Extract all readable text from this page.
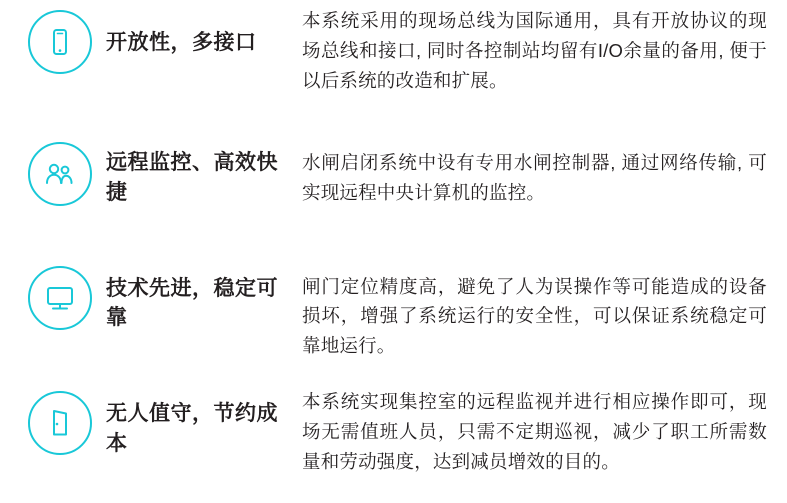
开放性，多接口
本系统采用的现场总线为国际通用，具有开放协议的现场总线和接口, 同时各控制站均留有I/O余量的备用, 便于以后系统的改造和扩展。
远程监控、高效快捷
水闸启闭系统中设有专用水闸控制器, 通过网络传输, 可实现远程中央计算机的监控。
技术先进，稳定可靠
闸门定位精度高，避免了人为误操作等可能造成的设备损坏，增强了系统运行的安全性，可以保证系统稳定可靠地运行。
无人值守，节约成本
本系统实现集控室的远程监视并进行相应操作即可，现场无需值班人员，只需不定期巡视，减少了职工所需数量和劳动强度，达到减员增效的目的。
